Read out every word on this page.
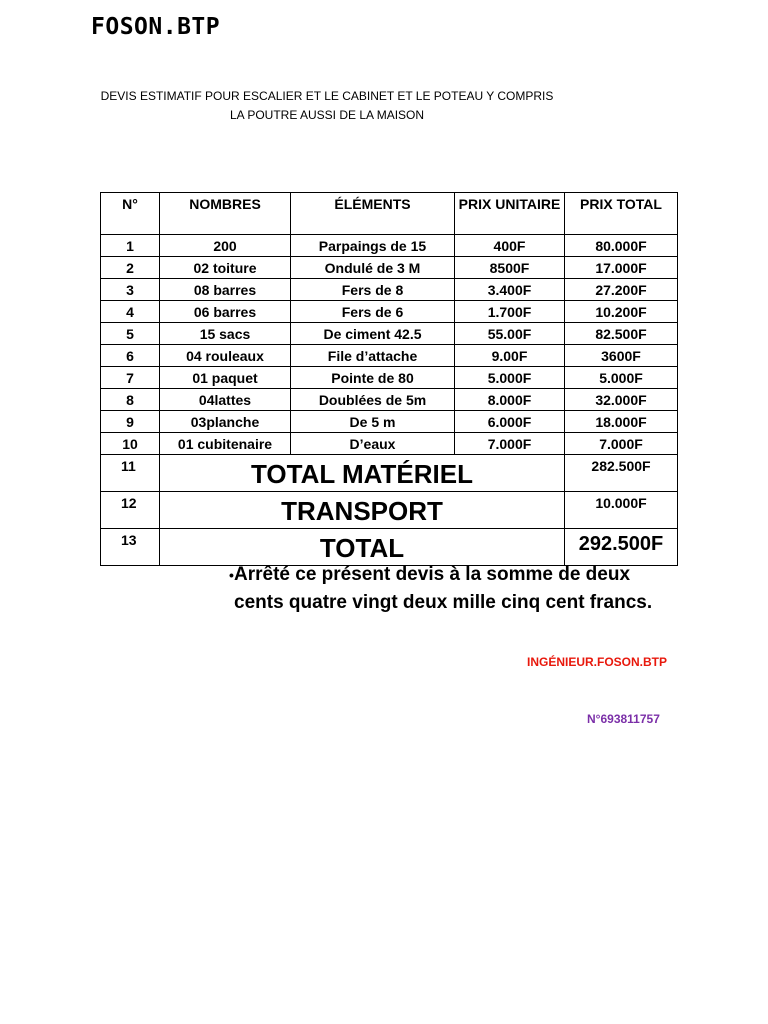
FOSON.BTP

DEVIS ESTIMATIF POUR ESCALIER ET LE CABINET ET LE POTEAU Y COMPRIS LA POUTRE AUSSI DE LA MAISON

N°	NOMBRES	ÉLÉMENTS	PRIX UNITAIRE	PRIX TOTAL
1	200	Parpaings de 15	400F	80.000F
2	02 toiture	Ondulé de 3 M	8500F	17.000F
3	08 barres	Fers de 8	3.400F	27.200F
4	06 barres	Fers de 6	1.700F	10.200F
5	15 sacs	De ciment 42.5	55.00F	82.500F
6	04 rouleaux	File d’attache	9.00F	3600F
7	01 paquet	Pointe de 80	5.000F	5.000F
8	04lattes	Doublées de 5m	8.000F	32.000F
9	03planche	De 5 m	6.000F	18.000F
10	01 cubitenaire	D’eaux	7.000F	7.000F
11	TOTAL MATÉRIEL			282.500F
12	TRANSPORT			10.000F
13	TOTAL			292.500F

• Arrêté ce présent devis à la somme de deux cents quatre vingt deux mille cinq cent francs.

INGÉNIEUR.FOSON.BTP

N°693811757
